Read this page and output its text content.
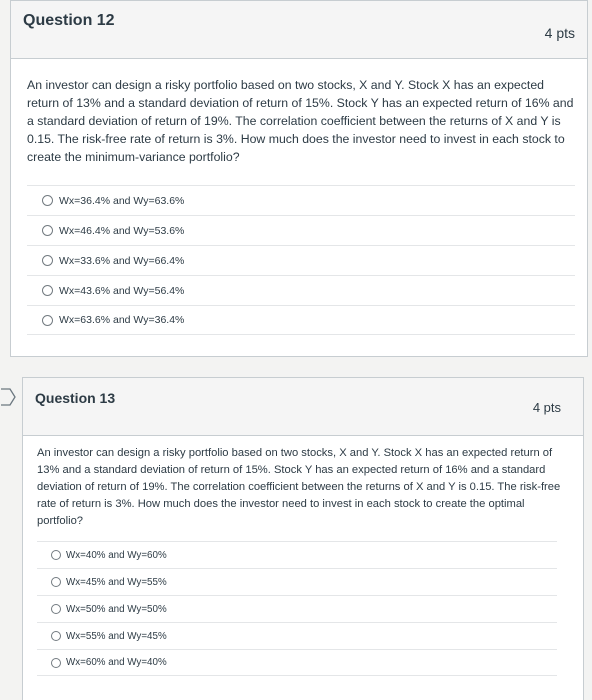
Question 12
4 pts
An investor can design a risky portfolio based on two stocks, X and Y. Stock X has an expected return of 13% and a standard deviation of return of 15%. Stock Y has an expected return of 16% and a standard deviation of return of 19%. The correlation coefficient between the returns of X and Y is 0.15. The risk-free rate of return is 3%. How much does the investor need to invest in each stock to create the minimum-variance portfolio?
Wx=36.4% and Wy=63.6%
Wx=46.4% and Wy=53.6%
Wx=33.6% and Wy=66.4%
Wx=43.6% and Wy=56.4%
Wx=63.6% and Wy=36.4%
Question 13
4 pts
An investor can design a risky portfolio based on two stocks, X and Y. Stock X has an expected return of 13% and a standard deviation of return of 15%. Stock Y has an expected return of 16% and a standard deviation of return of 19%. The correlation coefficient between the returns of X and Y is 0.15. The risk-free rate of return is 3%. How much does the investor need to invest in each stock to create the optimal portfolio?
Wx=40% and Wy=60%
Wx=45% and Wy=55%
Wx=50% and Wy=50%
Wx=55% and Wy=45%
Wx=60% and Wy=40%
